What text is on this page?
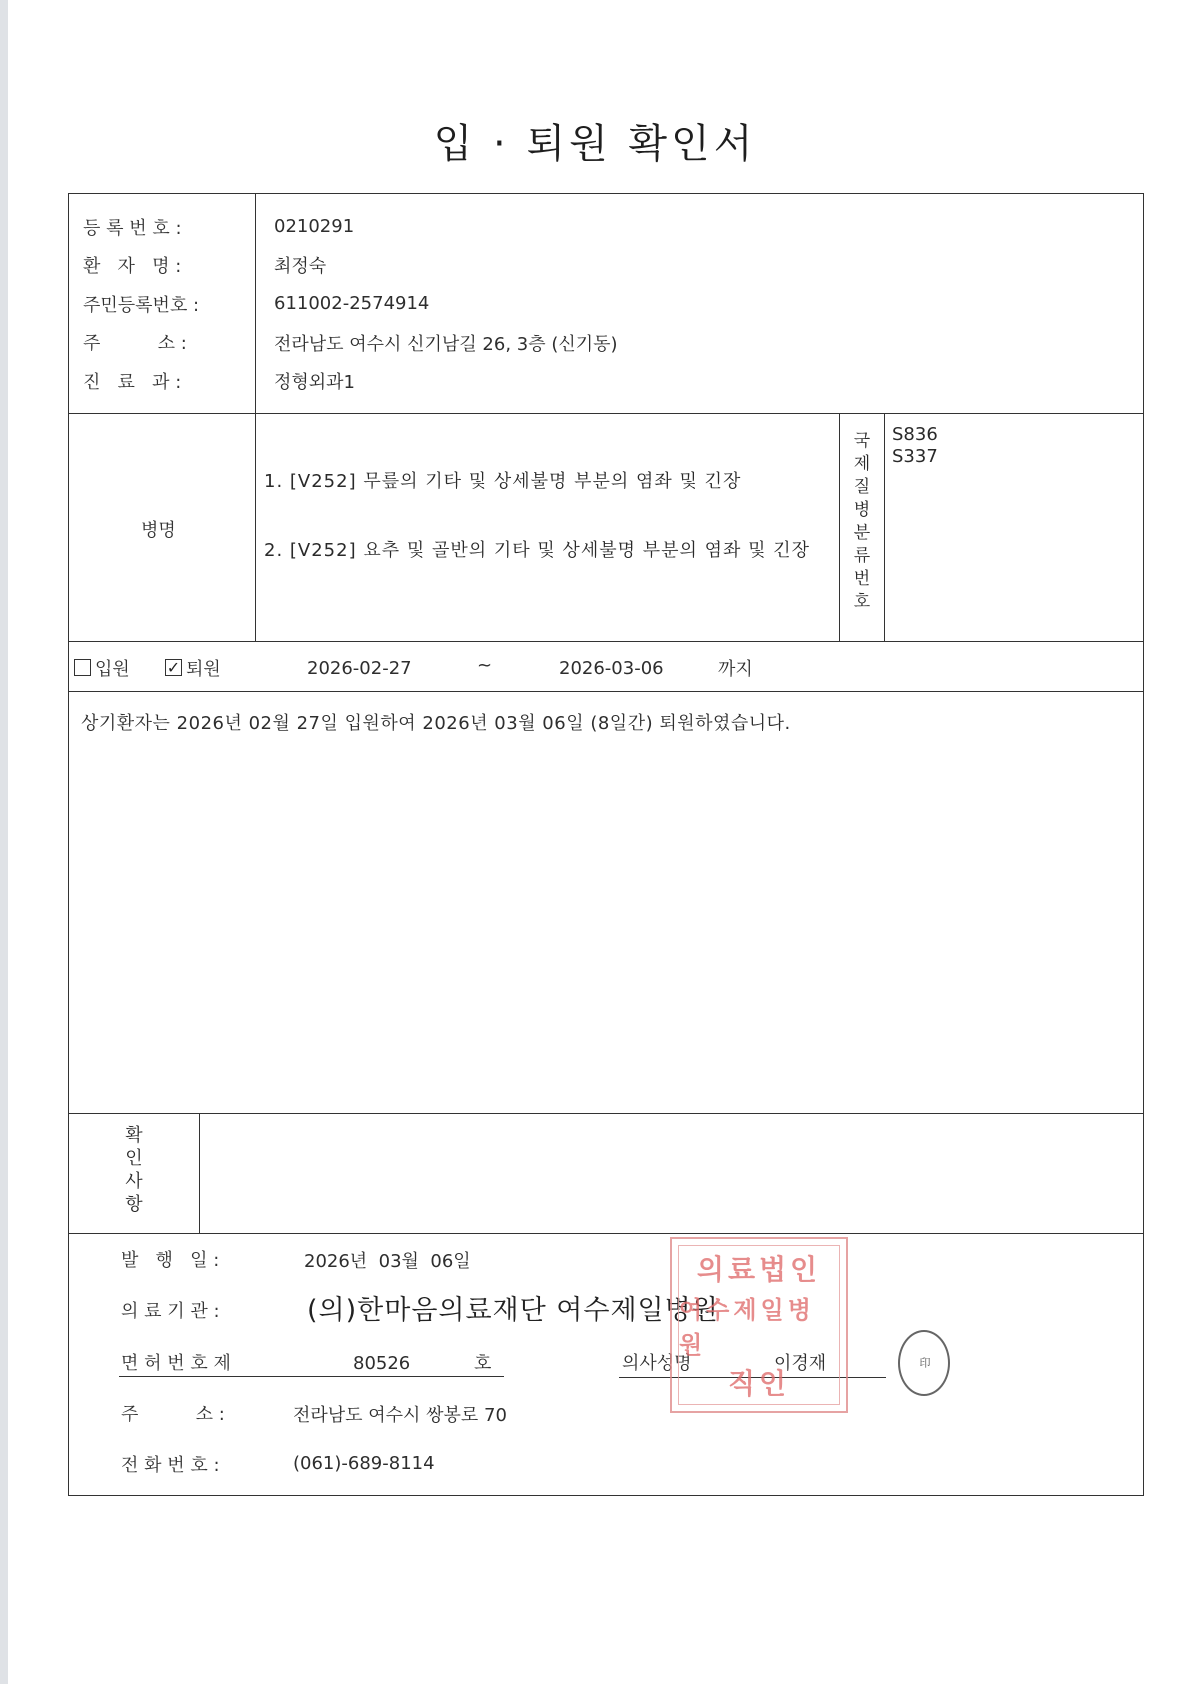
입 · 퇴원 확인서
등 록 번 호 :	0210291
환   자   명 :	최정숙
주민등록번호 :	611002-2574914
주          소 :	전라남도 여수시 신기남길 26, 3층 (신기동)
진   료   과 :	정형외과1
병명

1. [V252] 무릎의 기타 및 상세불명 부분의 염좌 및 긴장

2. [V252] 요추 및 골반의 기타 및 상세불명 부분의 염좌 및 긴장

국
제
질
병
분
류
번
호
S836
S337
입원 ✓ 퇴원	2026-02-27	~	2026-03-06	까지
상기환자는 2026년 02월 27일 입원하여 2026년 03월 06일 (8일간) 퇴원하였습니다.
확
인
사
항
발   행   일 :	2026년  03월  06일
의 료 기 관 :	(의)한마음의료재단 여수제일병원
면 허 번 호 제	80526	호	의사성명	이경재
주          소 :	전라남도 여수시 쌍봉로 70
전 화 번 호 :	(061)-689-8114
의료법인
여수제일병원
직인
印
